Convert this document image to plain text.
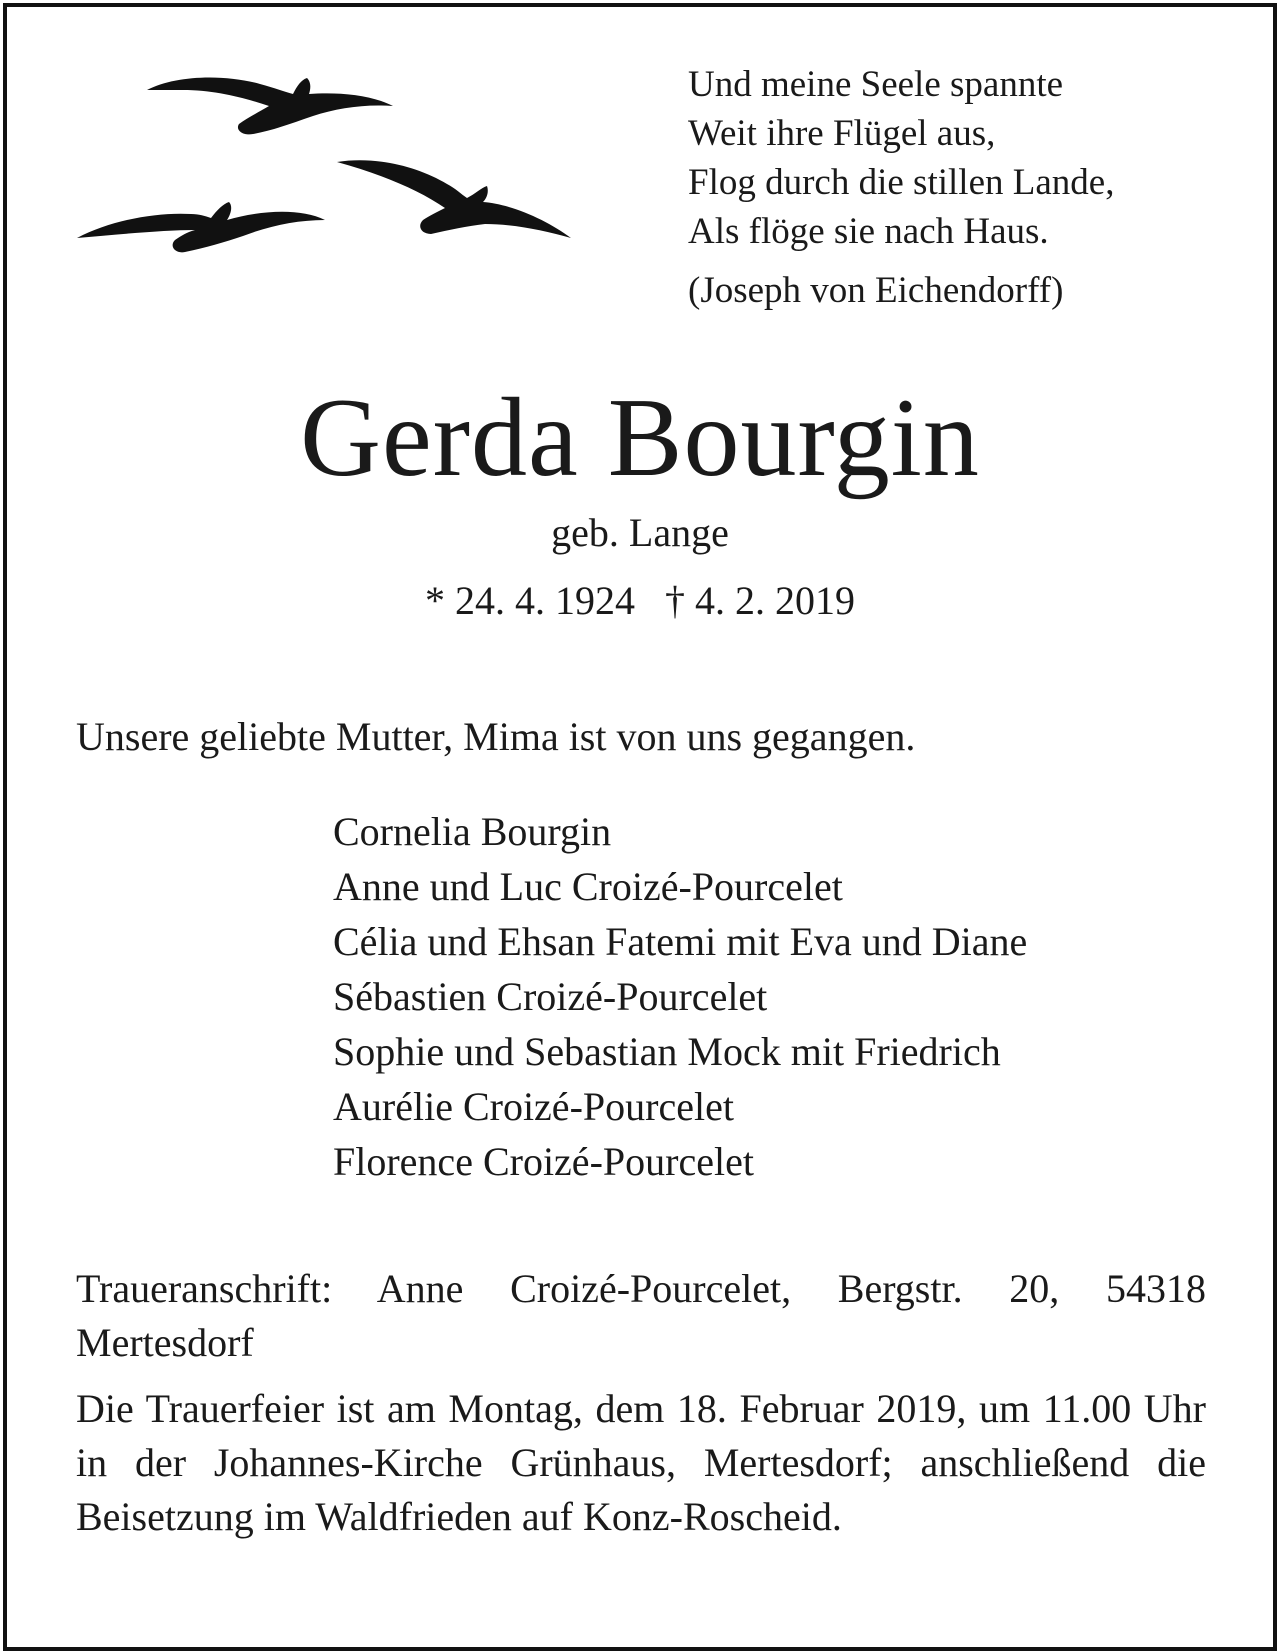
Und meine Seele spannte
Weit ihre Flügel aus,
Flog durch die stillen Lande,
Als flöge sie nach Haus.
(Joseph von Eichendorff)
Gerda Bourgin
geb. Lange
* 24. 4. 1924   † 4. 2. 2019
Unsere geliebte Mutter, Mima ist von uns gegangen.
Cornelia Bourgin
Anne und Luc Croizé-Pourcelet
Célia und Ehsan Fatemi mit Eva und Diane
Sébastien Croizé-Pourcelet
Sophie und Sebastian Mock mit Friedrich
Aurélie Croizé-Pourcelet
Florence Croizé-Pourcelet
Traueranschrift: Anne Croizé-Pourcelet, Bergstr. 20, 54318 Mertesdorf
Die Trauerfeier ist am Montag, dem 18. Februar 2019, um 11.00 Uhr in der Johannes-Kirche Grünhaus, Mertesdorf; anschließend die Beisetzung im Waldfrieden auf Konz-Roscheid.
